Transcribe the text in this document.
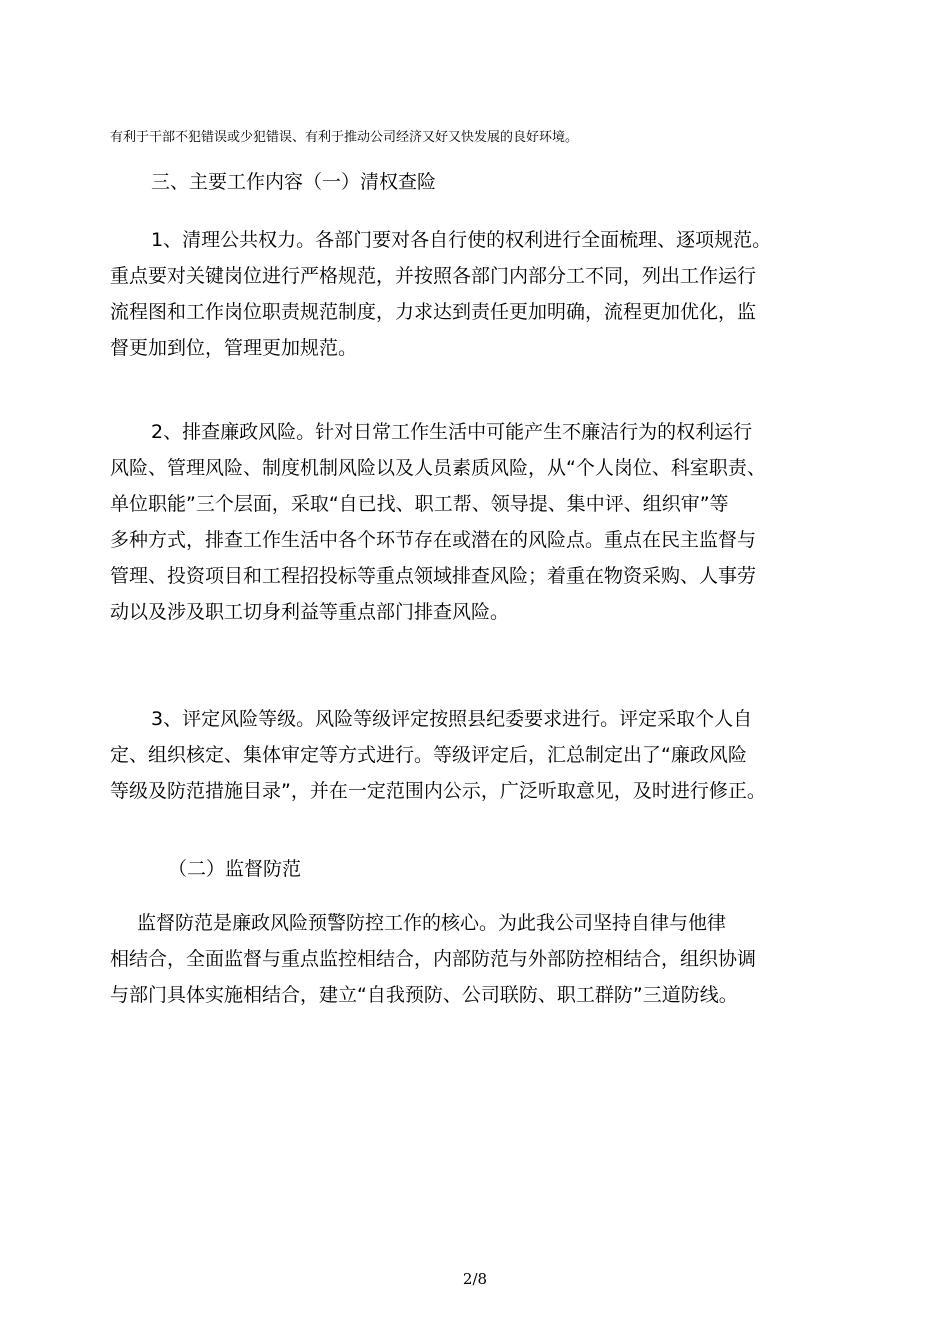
有利于干部不犯错误或少犯错误、有利于推动公司经济又好又快发展的良好环境。
三、主要工作内容（一）清权查险
1、清理公共权力。各部门要对各自行使的权利进行全面梳理、逐项规范。
重点要对关键岗位进行严格规范，并按照各部门内部分工不同，列出工作运行
流程图和工作岗位职责规范制度，力求达到责任更加明确，流程更加优化，监
督更加到位，管理更加规范。
2、排查廉政风险。针对日常工作生活中可能产生不廉洁行为的权利运行
风险、管理风险、制度机制风险以及人员素质风险，从“个人岗位、科室职责、
单位职能”三个层面，采取“自已找、职工帮、领导提、集中评、组织审”等
多种方式，排查工作生活中各个环节存在或潜在的风险点。重点在民主监督与
管理、投资项目和工程招投标等重点领域排查风险；着重在物资采购、人事劳
动以及涉及职工切身利益等重点部门排查风险。
3、评定风险等级。风险等级评定按照县纪委要求进行。评定采取个人自
定、组织核定、集体审定等方式进行。等级评定后，汇总制定出了“廉政风险
等级及防范措施目录”，并在一定范围内公示，广泛听取意见，及时进行修正。
（二）监督防范
监督防范是廉政风险预警防控工作的核心。为此我公司坚持自律与他律
相结合，全面监督与重点监控相结合，内部防范与外部防控相结合，组织协调
与部门具体实施相结合，建立“自我预防、公司联防、职工群防”三道防线。
2/8
